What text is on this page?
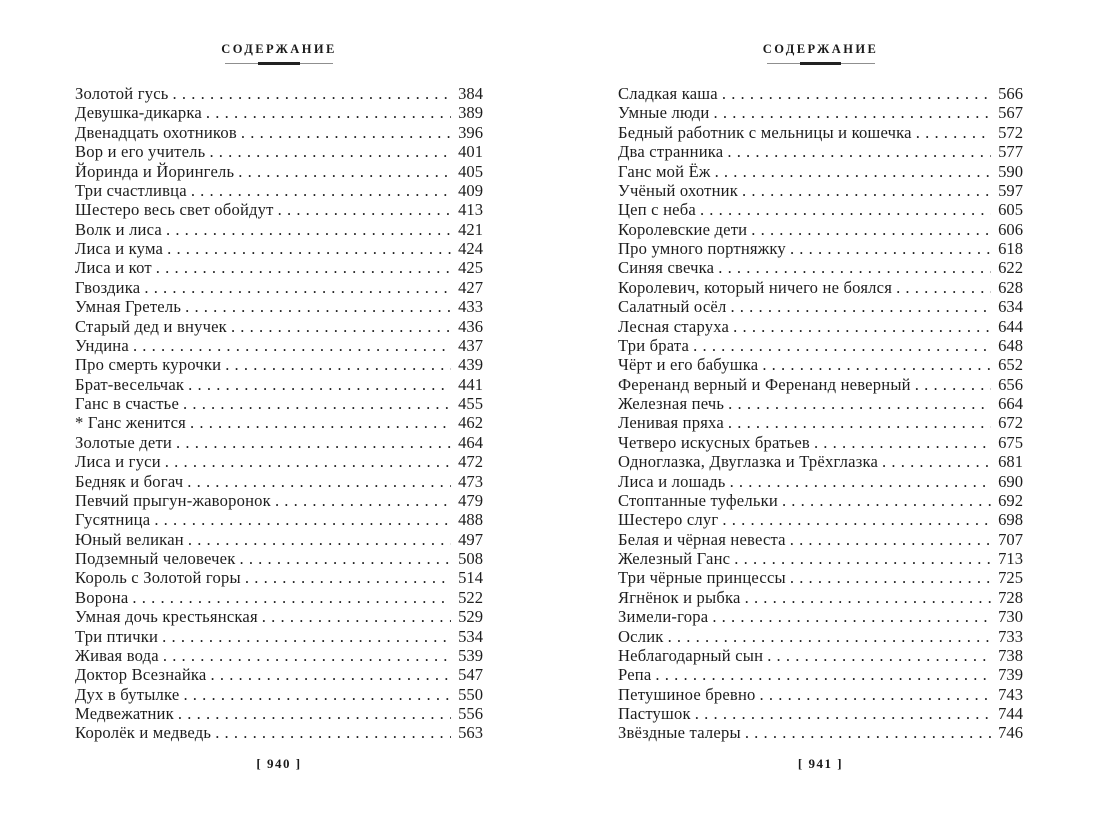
СОДЕРЖАНИЕ
Золотой гусь .....	384
Девушка-дикарка .....	389
Двенадцать охотников .....	396
Вор и его учитель .....	401
Йоринда и Йорингель .....	405
Три счастливца .....	409
Шестеро весь свет обойдут .....	413
Волк и лиса .....	421
Лиса и кума .....	424
Лиса и кот .....	425
Гвоздика .....	427
Умная Гретель .....	433
Старый дед и внучек .....	436
Ундина .....	437
Про смерть курочки .....	439
Брат-весельчак .....	441
Ганс в счастье .....	455
* Ганс женится .....	462
Золотые дети .....	464
Лиса и гуси .....	472
Бедняк и богач .....	473
Певчий прыгун-жаворонок .....	479
Гусятница .....	488
Юный великан .....	497
Подземный человечек .....	508
Король с Золотой горы .....	514
Ворона .....	522
Умная дочь крестьянская .....	529
Три птички .....	534
Живая вода .....	539
Доктор Всезнайка .....	547
Дух в бутылке .....	550
Медвежатник .....	556
Королёк и медведь .....	563
[ 940 ]
СОДЕРЖАНИЕ
Сладкая каша .....	566
Умные люди .....	567
Бедный работник с мельницы и кошечка .....	572
Два странника .....	577
Ганс мой Ёж .....	590
Учёный охотник .....	597
Цеп с неба .....	605
Королевские дети .....	606
Про умного портняжку .....	618
Синяя свечка .....	622
Королевич, который ничего не боялся .....	628
Салатный осёл .....	634
Лесная старуха .....	644
Три брата .....	648
Чёрт и его бабушка .....	652
Ференанд верный и Ференанд неверный .....	656
Железная печь .....	664
Ленивая пряха .....	672
Четверо искусных братьев .....	675
Одноглазка, Двуглазка и Трёхглазка .....	681
Лиса и лошадь .....	690
Стоптанные туфельки .....	692
Шестеро слуг .....	698
Белая и чёрная невеста .....	707
Железный Ганс .....	713
Три чёрные принцессы .....	725
Ягнёнок и рыбка .....	728
Зимели-гора .....	730
Ослик .....	733
Неблагодарный сын .....	738
Репа .....	739
Петушиное бревно .....	743
Пастушок .....	744
Звёздные талеры .....	746
[ 941 ]
